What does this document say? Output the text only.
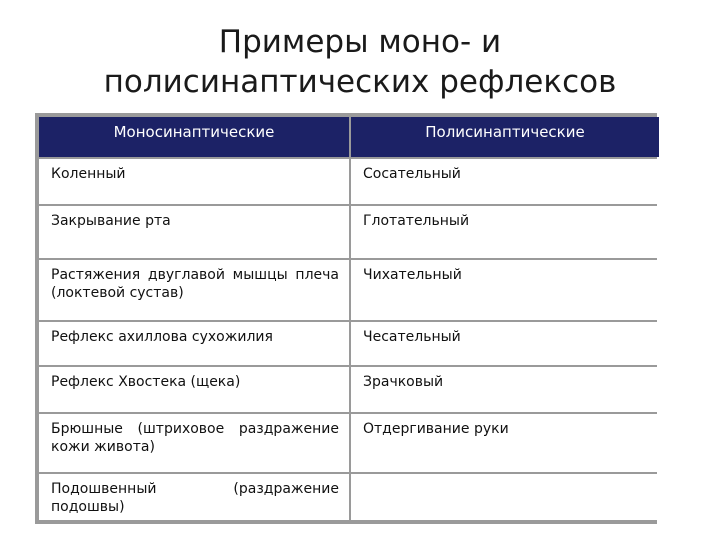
Примеры моно- и
полисинаптических рефлексов
Моносинаптические	Полисинаптические
Коленный	Сосательный
Закрывание рта	Глотательный
Растяжения двуглавой мышцы плеча (локтевой сустав)	Чихательный
Рефлекс ахиллова сухожилия	Чесательный
Рефлекс Хвостека (щека)	Зрачковый
Брюшные (штриховое раздражение кожи живота)	Отдергивание руки
Подошвенный (раздражение подошвы)	
